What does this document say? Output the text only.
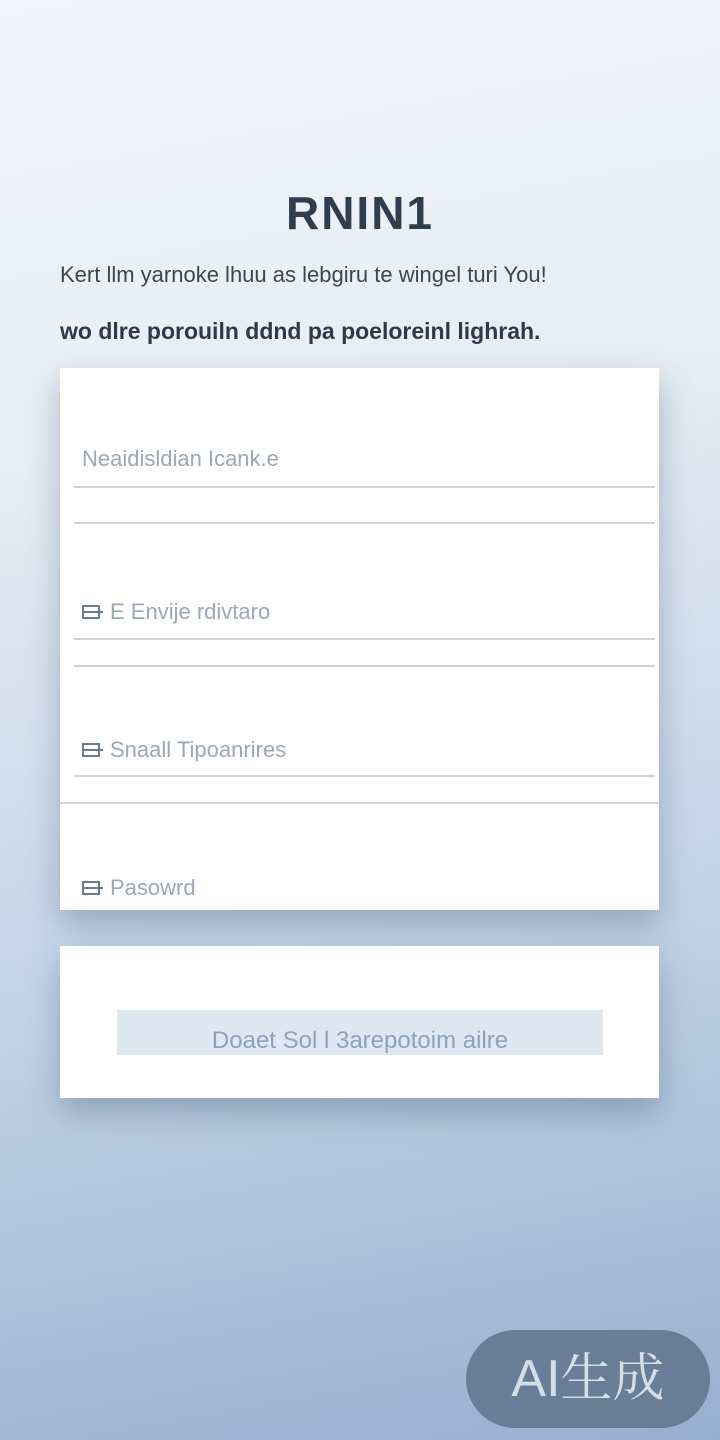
RNIN1
Kert llm yarnoke lhuu as lebgiru te wingel turi You!
wo dlre porouiln ddnd pa poeloreinl lighrah.
Neaidisldian Icank.e
E Envije rdivtaro
Snaall Tipoanrires
Pasowrd
Doaet Sol l 3arepotoim ailre
AI生成
